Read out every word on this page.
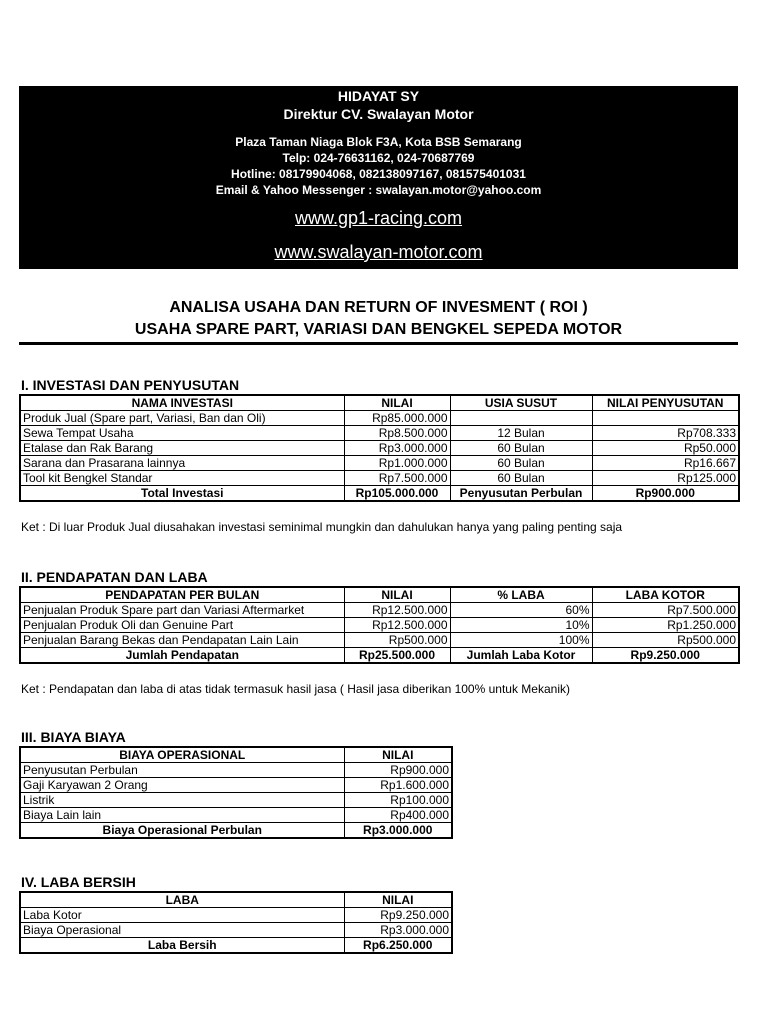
HIDAYAT SY
Direktur CV. Swalayan Motor
Plaza Taman Niaga Blok F3A, Kota BSB Semarang
Telp: 024-76631162, 024-70687769
Hotline: 08179904068, 082138097167, 081575401031
Email & Yahoo Messenger : swalayan.motor@yahoo.com
www.gp1-racing.com
www.swalayan-motor.com
ANALISA USAHA DAN RETURN OF INVESMENT ( ROI )
USAHA SPARE PART, VARIASI DAN BENGKEL SEPEDA MOTOR
I. INVESTASI DAN PENYUSUTAN
NAMA INVESTASI	NILAI	USIA SUSUT	NILAI PENYUSUTAN
Produk Jual (Spare part, Variasi, Ban dan Oli)	Rp85.000.000		
Sewa Tempat Usaha	Rp8.500.000	12 Bulan	Rp708.333
Etalase dan Rak Barang	Rp3.000.000	60 Bulan	Rp50.000
Sarana dan Prasarana lainnya	Rp1.000.000	60 Bulan	Rp16.667
Tool kit Bengkel Standar	Rp7.500.000	60 Bulan	Rp125.000
Total Investasi	Rp105.000.000	Penyusutan Perbulan	Rp900.000
Ket : Di luar Produk Jual diusahakan investasi seminimal mungkin dan dahulukan hanya yang paling penting saja
II. PENDAPATAN DAN LABA
PENDAPATAN PER BULAN	NILAI	% LABA	LABA KOTOR
Penjualan Produk Spare part dan Variasi Aftermarket	Rp12.500.000	60%	Rp7.500.000
Penjualan Produk Oli dan Genuine Part	Rp12.500.000	10%	Rp1.250.000
Penjualan Barang Bekas dan Pendapatan Lain Lain	Rp500.000	100%	Rp500.000
Jumlah Pendapatan	Rp25.500.000	Jumlah Laba Kotor	Rp9.250.000
Ket : Pendapatan dan laba di atas tidak termasuk hasil jasa ( Hasil jasa diberikan 100% untuk Mekanik)
III. BIAYA BIAYA
BIAYA OPERASIONAL	NILAI
Penyusutan Perbulan	Rp900.000
Gaji Karyawan 2 Orang	Rp1.600.000
Listrik	Rp100.000
Biaya Lain lain	Rp400.000
Biaya Operasional Perbulan	Rp3.000.000
IV. LABA BERSIH
LABA	NILAI
Laba Kotor	Rp9.250.000
Biaya Operasional	Rp3.000.000
Laba Bersih	Rp6.250.000
